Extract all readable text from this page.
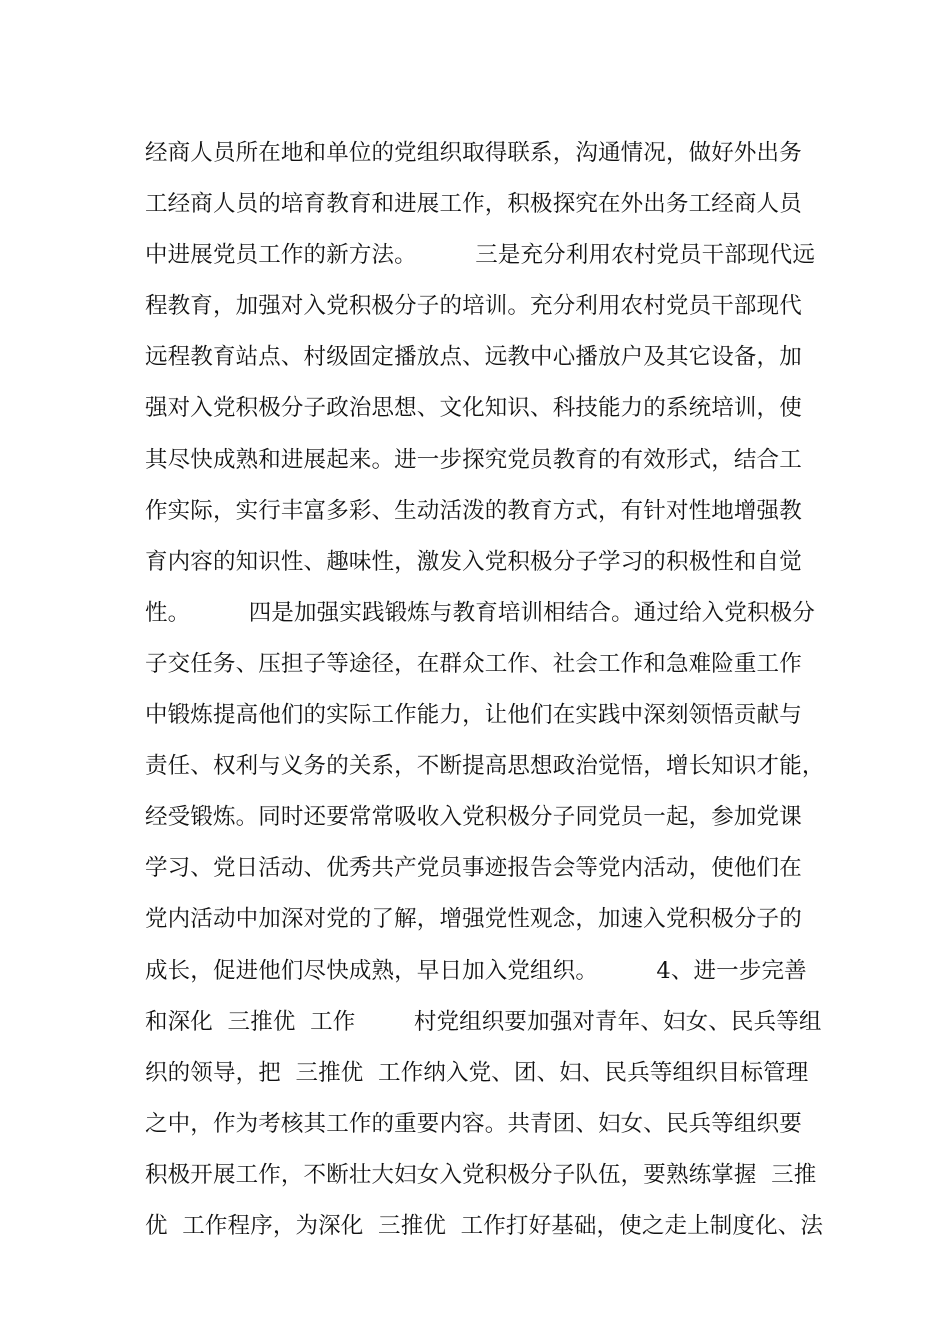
经商人员所在地和单位的党组织取得联系，沟通情况，做好外出务
工经商人员的培育教育和进展工作，积极探究在外出务工经商人员
中进展党员工作的新方法。        三是充分利用农村党员干部现代远
程教育，加强对入党积极分子的培训。充分利用农村党员干部现代
远程教育站点、村级固定播放点、远教中心播放户及其它设备，加
强对入党积极分子政治思想、文化知识、科技能力的系统培训，使
其尽快成熟和进展起来。进一步探究党员教育的有效形式，结合工
作实际，实行丰富多彩、生动活泼的教育方式，有针对性地增强教
育内容的知识性、趣味性，激发入党积极分子学习的积极性和自觉
性。        四是加强实践锻炼与教育培训相结合。通过给入党积极分
子交任务、压担子等途径，在群众工作、社会工作和急难险重工作
中锻炼提高他们的实际工作能力，让他们在实践中深刻领悟贡献与
责任、权利与义务的关系，不断提高思想政治觉悟，增长知识才能，
经受锻炼。同时还要常常吸收入党积极分子同党员一起，参加党课
学习、党日活动、优秀共产党员事迹报告会等党内活动，使他们在
党内活动中加深对党的了解，增强党性观念，加速入党积极分子的
成长，促进他们尽快成熟，早日加入党组织。        4、进一步完善
和深化  三推优  工作        村党组织要加强对青年、妇女、民兵等组
织的领导，把  三推优  工作纳入党、团、妇、民兵等组织目标管理
之中，作为考核其工作的重要内容。共青团、妇女、民兵等组织要
积极开展工作，不断壮大妇女入党积极分子队伍，要熟练掌握  三推
优  工作程序，为深化  三推优  工作打好基础，使之走上制度化、法
